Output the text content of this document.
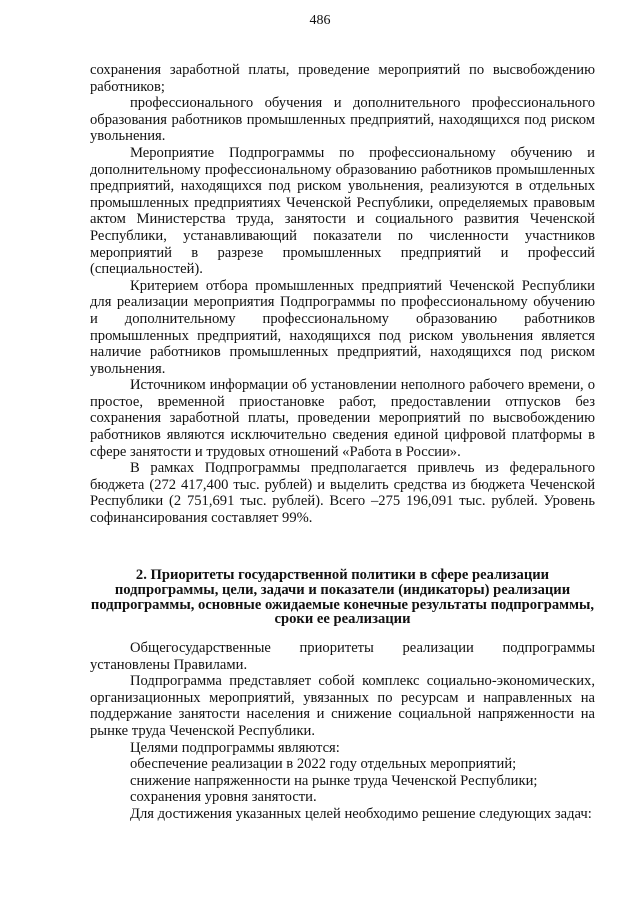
486

сохранения заработной платы, проведение мероприятий по высвобождению работников;

профессионального обучения и дополнительного профессионального образования работников промышленных предприятий, находящихся под риском увольнения.

Мероприятие Подпрограммы по профессиональному обучению и дополнительному профессиональному образованию работников промышленных предприятий, находящихся под риском увольнения, реализуются в отдельных промышленных предприятиях Чеченской Республики, определяемых правовым актом Министерства труда, занятости и социального развития Чеченской Республики, устанавливающий показатели по численности участников мероприятий в разрезе промышленных предприятий и профессий (специальностей).

Критерием отбора промышленных предприятий Чеченской Республики для реализации мероприятия Подпрограммы по профессиональному обучению и дополнительному профессиональному образованию работников промышленных предприятий, находящихся под риском увольнения является наличие работников промышленных предприятий, находящихся под риском увольнения.

Источником информации об установлении неполного рабочего времени, о простое, временной приостановке работ, предоставлении отпусков без сохранения заработной платы, проведении мероприятий по высвобождению работников являются исключительно сведения единой цифровой платформы в сфере занятости и трудовых отношений «Работа в России».

В рамках Подпрограммы предполагается привлечь из федерального бюджета (272 417,400 тыс. рублей) и выделить средства из бюджета Чеченской Республики (2 751,691 тыс. рублей). Всего –275 196,091 тыс. рублей. Уровень софинансирования составляет 99%.

2. Приоритеты государственной политики в сфере реализации подпрограммы, цели, задачи и показатели (индикаторы) реализации подпрограммы, основные ожидаемые конечные результаты подпрограммы, сроки ее реализации

Общегосударственные приоритеты реализации подпрограммы установлены Правилами.

Подпрограмма представляет собой комплекс социально-экономических, организационных мероприятий, увязанных по ресурсам и направленных на поддержание занятости населения и снижение социальной напряженности на рынке труда Чеченской Республики.

Целями подпрограммы являются:

обеспечение реализации в 2022 году отдельных мероприятий;

снижение напряженности на рынке труда Чеченской Республики;

сохранения уровня занятости.

Для достижения указанных целей необходимо решение следующих задач:
